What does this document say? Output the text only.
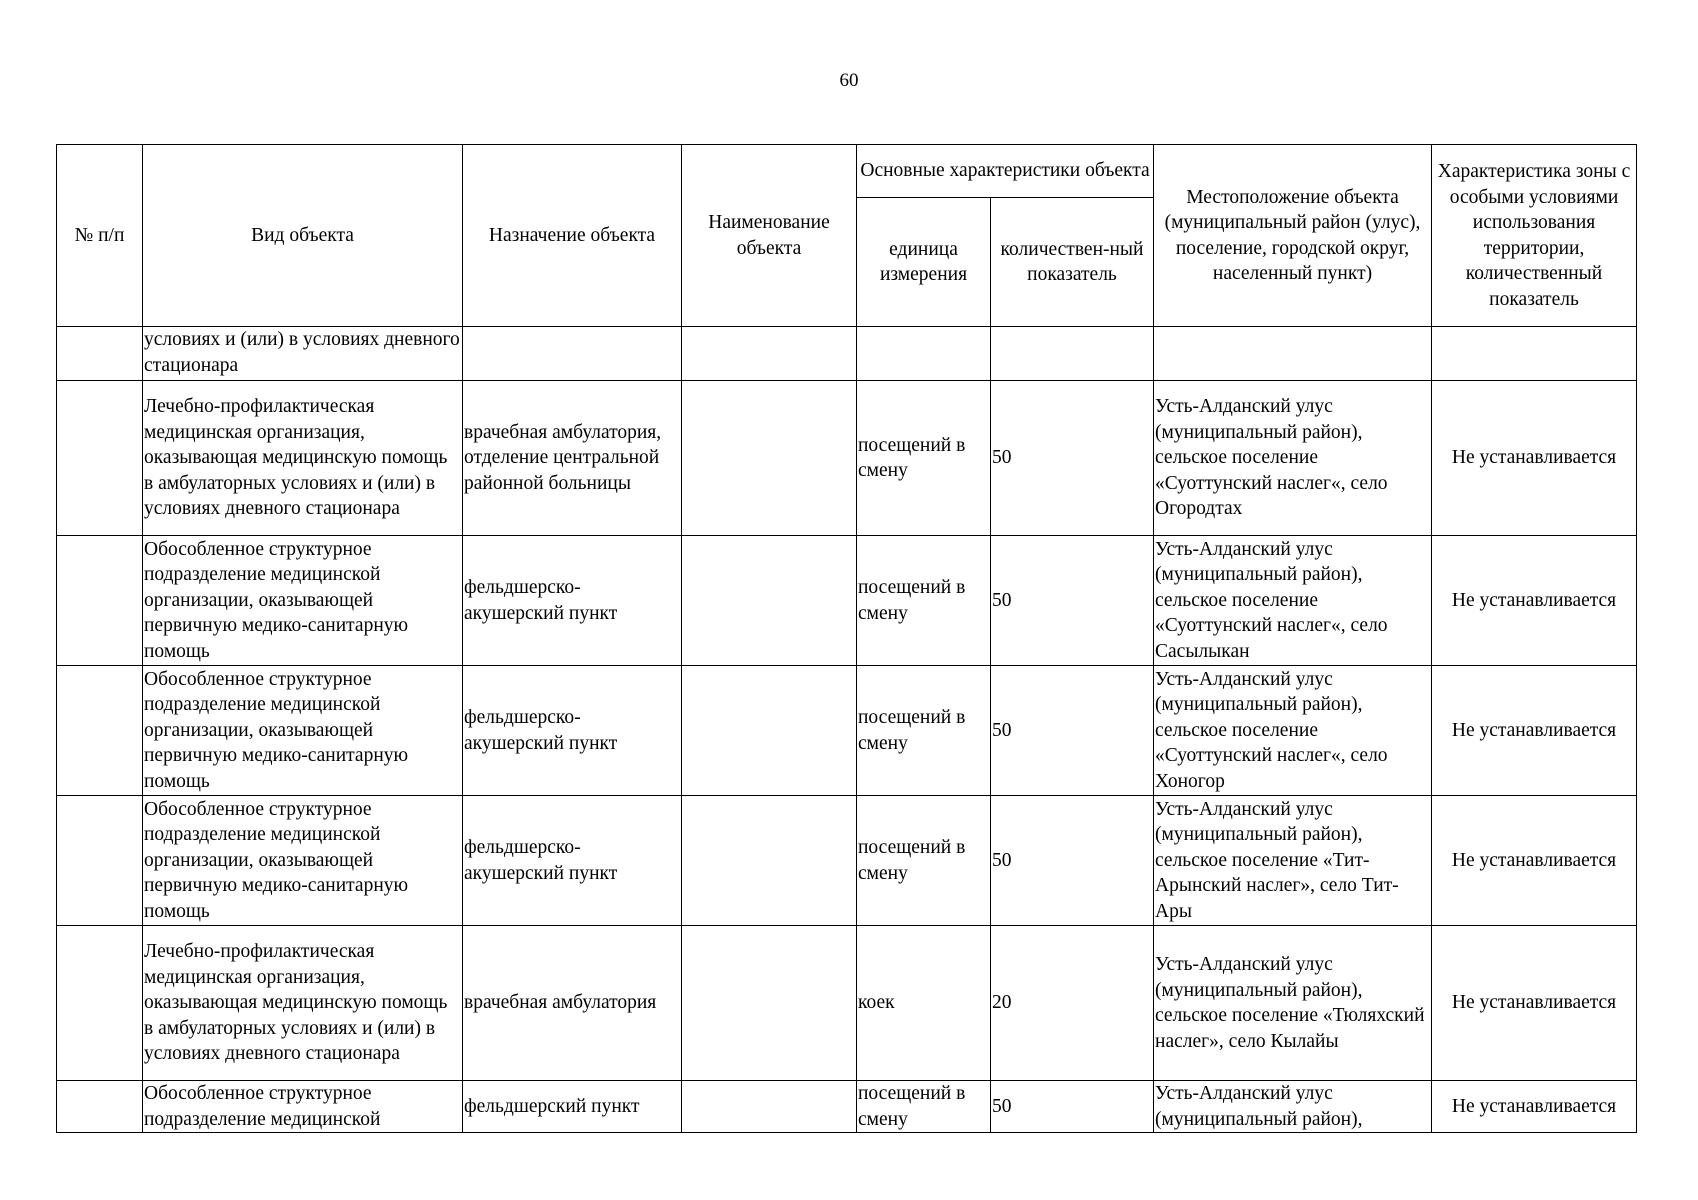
60
№ п/п	Вид объекта	Назначение объекта	Наименование объекта	Основные характеристики объекта		Местоположение объекта (муниципальный район (улус), поселение, городской округ, населенный пункт)	Характеристика зоны с особыми условиями использования территории, количественный показатель
				единица измерения	количествен-ный показатель		
	условиях и (или) в условиях дневного стационара						
	Лечебно-профилактическая медицинская организация, оказывающая медицинскую помощь в амбулаторных условиях и (или) в условиях дневного стационара	врачебная амбулатория, отделение центральной районной больницы		посещений в смену	50	Усть-Алданский улус (муниципальный район), сельское поселение «Суоттунский наслег«, село Огородтах	Не устанавливается
	Обособленное структурное подразделение медицинской организации, оказывающей первичную медико-санитарную помощь	фельдшерско-акушерский пункт		посещений в смену	50	Усть-Алданский улус (муниципальный район), сельское поселение «Суоттунский наслег«, село Сасылыкан	Не устанавливается
	Обособленное структурное подразделение медицинской организации, оказывающей первичную медико-санитарную помощь	фельдшерско-акушерский пункт		посещений в смену	50	Усть-Алданский улус (муниципальный район), сельское поселение «Суоттунский наслег«, село Хоногор	Не устанавливается
	Обособленное структурное подразделение медицинской организации, оказывающей первичную медико-санитарную помощь	фельдшерско-акушерский пункт		посещений в смену	50	Усть-Алданский улус (муниципальный район), сельское поселение «Тит-Арынский наслег», село Тит-Ары	Не устанавливается
	Лечебно-профилактическая медицинская организация, оказывающая медицинскую помощь в амбулаторных условиях и (или) в условиях дневного стационара	врачебная амбулатория		коек	20	Усть-Алданский улус (муниципальный район), сельское поселение «Тюляхский наслег», село Кылайы	Не устанавливается
	Обособленное структурное подразделение медицинской	фельдшерский пункт		посещений в смену	50	Усть-Алданский улус (муниципальный район),	Не устанавливается
